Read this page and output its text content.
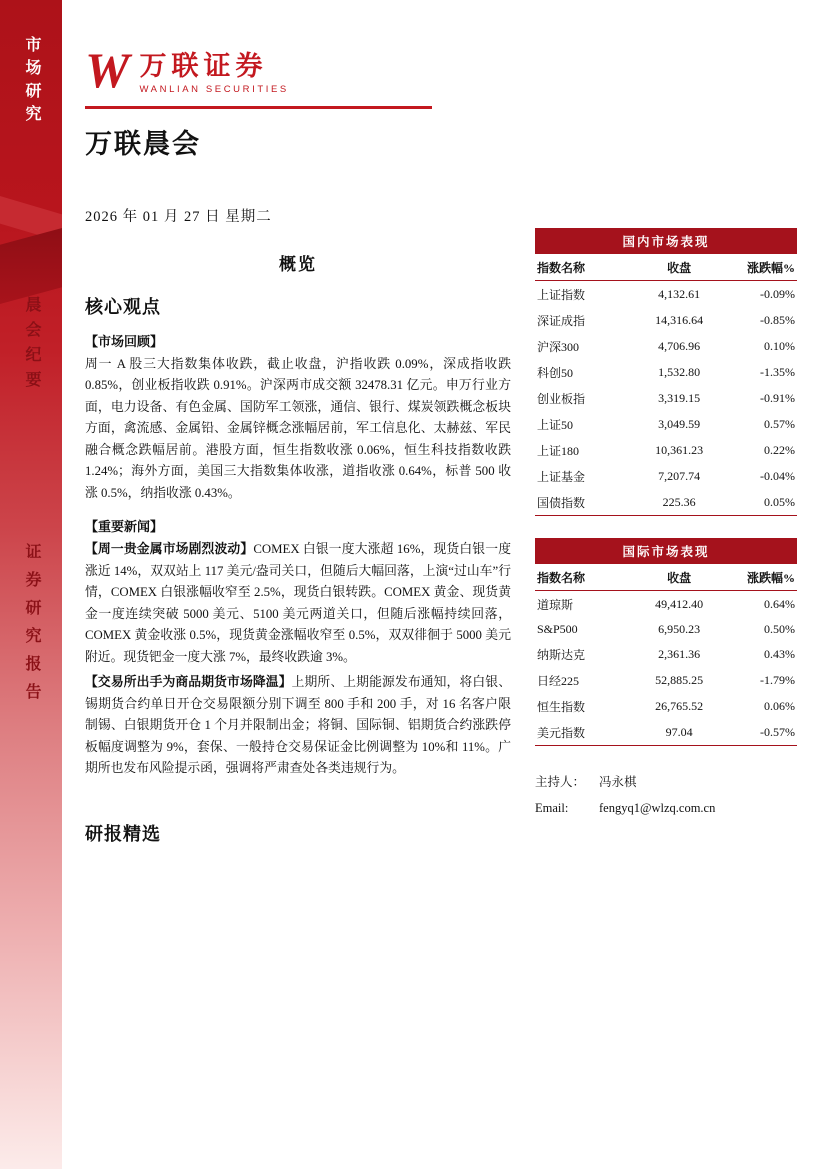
市场研究
晨会纪要
证券研究报告
W 万联证券
WANLIAN SECURITIES
万联晨会
2026 年 01 月 27 日 星期二
概览
核心观点
【市场回顾】
周一 A 股三大指数集体收跌，截止收盘，沪指收跌 0.09%，深成指收跌 0.85%，创业板指收跌 0.91%。沪深两市成交额 32478.31 亿元。申万行业方面，电力设备、有色金属、国防军工领涨，通信、银行、煤炭领跌概念板块方面，禽流感、金属铅、金属锌概念涨幅居前，军工信息化、太赫兹、军民融合概念跌幅居前。港股方面，恒生指数收涨 0.06%，恒生科技指数收跌 1.24%；海外方面，美国三大指数集体收涨，道指收涨 0.64%，标普 500 收涨 0.5%，纳指收涨 0.43%。
【重要新闻】
【周一贵金属市场剧烈波动】COMEX 白银一度大涨超 16%，现货白银一度涨近 14%，双双站上 117 美元/盎司关口，但随后大幅回落，上演“过山车”行情，COMEX 白银涨幅收窄至 2.5%，现货白银转跌。COMEX 黄金、现货黄金一度连续突破 5000 美元、5100 美元两道关口，但随后涨幅持续回落，COMEX 黄金收涨 0.5%，现货黄金涨幅收窄至 0.5%，双双徘徊于 5000 美元附近。现货钯金一度大涨 7%，最终收跌逾 3%。
【交易所出手为商品期货市场降温】上期所、上期能源发布通知，将白银、锡期货合约单日开仓交易限额分别下调至 800 手和 200 手，对 16 名客户限制锡、白银期货开仓 1 个月并限制出金；将铜、国际铜、铝期货合约涨跌停板幅度调整为 9%，套保、一般持仓交易保证金比例调整为 10%和 11%。广期所也发布风险提示函，强调将严肃查处各类违规行为。
研报精选
国内市场表现
指数名称	收盘	涨跌幅%
上证指数	4,132.61	-0.09%
深证成指	14,316.64	-0.85%
沪深300	4,706.96	0.10%
科创50	1,532.80	-1.35%
创业板指	3,319.15	-0.91%
上证50	3,049.59	0.57%
上证180	10,361.23	0.22%
上证基金	7,207.74	-0.04%
国债指数	225.36	0.05%
国际市场表现
指数名称	收盘	涨跌幅%
道琼斯	49,412.40	0.64%
S&P500	6,950.23	0.50%
纳斯达克	2,361.36	0.43%
日经225	52,885.25	-1.79%
恒生指数	26,765.52	0.06%
美元指数	97.04	-0.57%
主持人：	冯永棋
Email:	fengyq1@wlzq.com.cn
